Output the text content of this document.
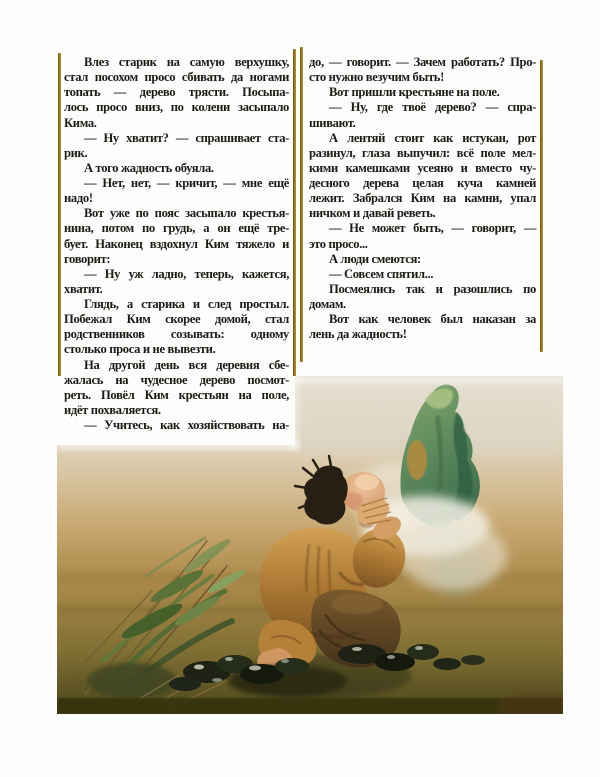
Влез старик на самую верхушку,
стал посохом просо сбивать да ногами
топать — дерево трясти. Посыпа-
лось просо вниз, по колени засыпало
Кима.
— Ну хватит? — спрашивает ста-
рик.
А того жадность обуяла.
— Нет, нет, — кричит, — мне ещё
надо!
Вот уже по пояс засыпало крестья-
нина, потом по грудь, а он ещё тре-
бует. Наконец вздохнул Ким тяжело и
говорит:
— Ну уж ладно, теперь, кажется,
хватит.
Глядь, а старика и след простыл.
Побежал Ким скорее домой, стал
родственников созывать: одному
столько проса и не вывезти.
На другой день вся деревня сбе-
жалась на чудесное дерево посмот-
реть. Повёл Ким крестьян на поле,
идёт похваляется.
— Учитесь, как хозяйствовать на-
до, — говорит. — Зачем работать? Про-
сто нужно везучим быть!
Вот пришли крестьяне на поле.
— Ну, где твоё дерево? — спра-
шивают.
А лентяй стоит как истукан, рот
разинул, глаза выпучил: всё поле мел-
кими камешками усеяно и вместо чу-
десного дерева целая куча камней
лежит. Забрался Ким на камни, упал
ничком и давай реветь.
— Не может быть, — говорит, —
это просо...
А люди смеются:
— Совсем спятил...
Посмеялись так и разошлись по
домам.
Вот как человек был наказан за
лень да жадность!
